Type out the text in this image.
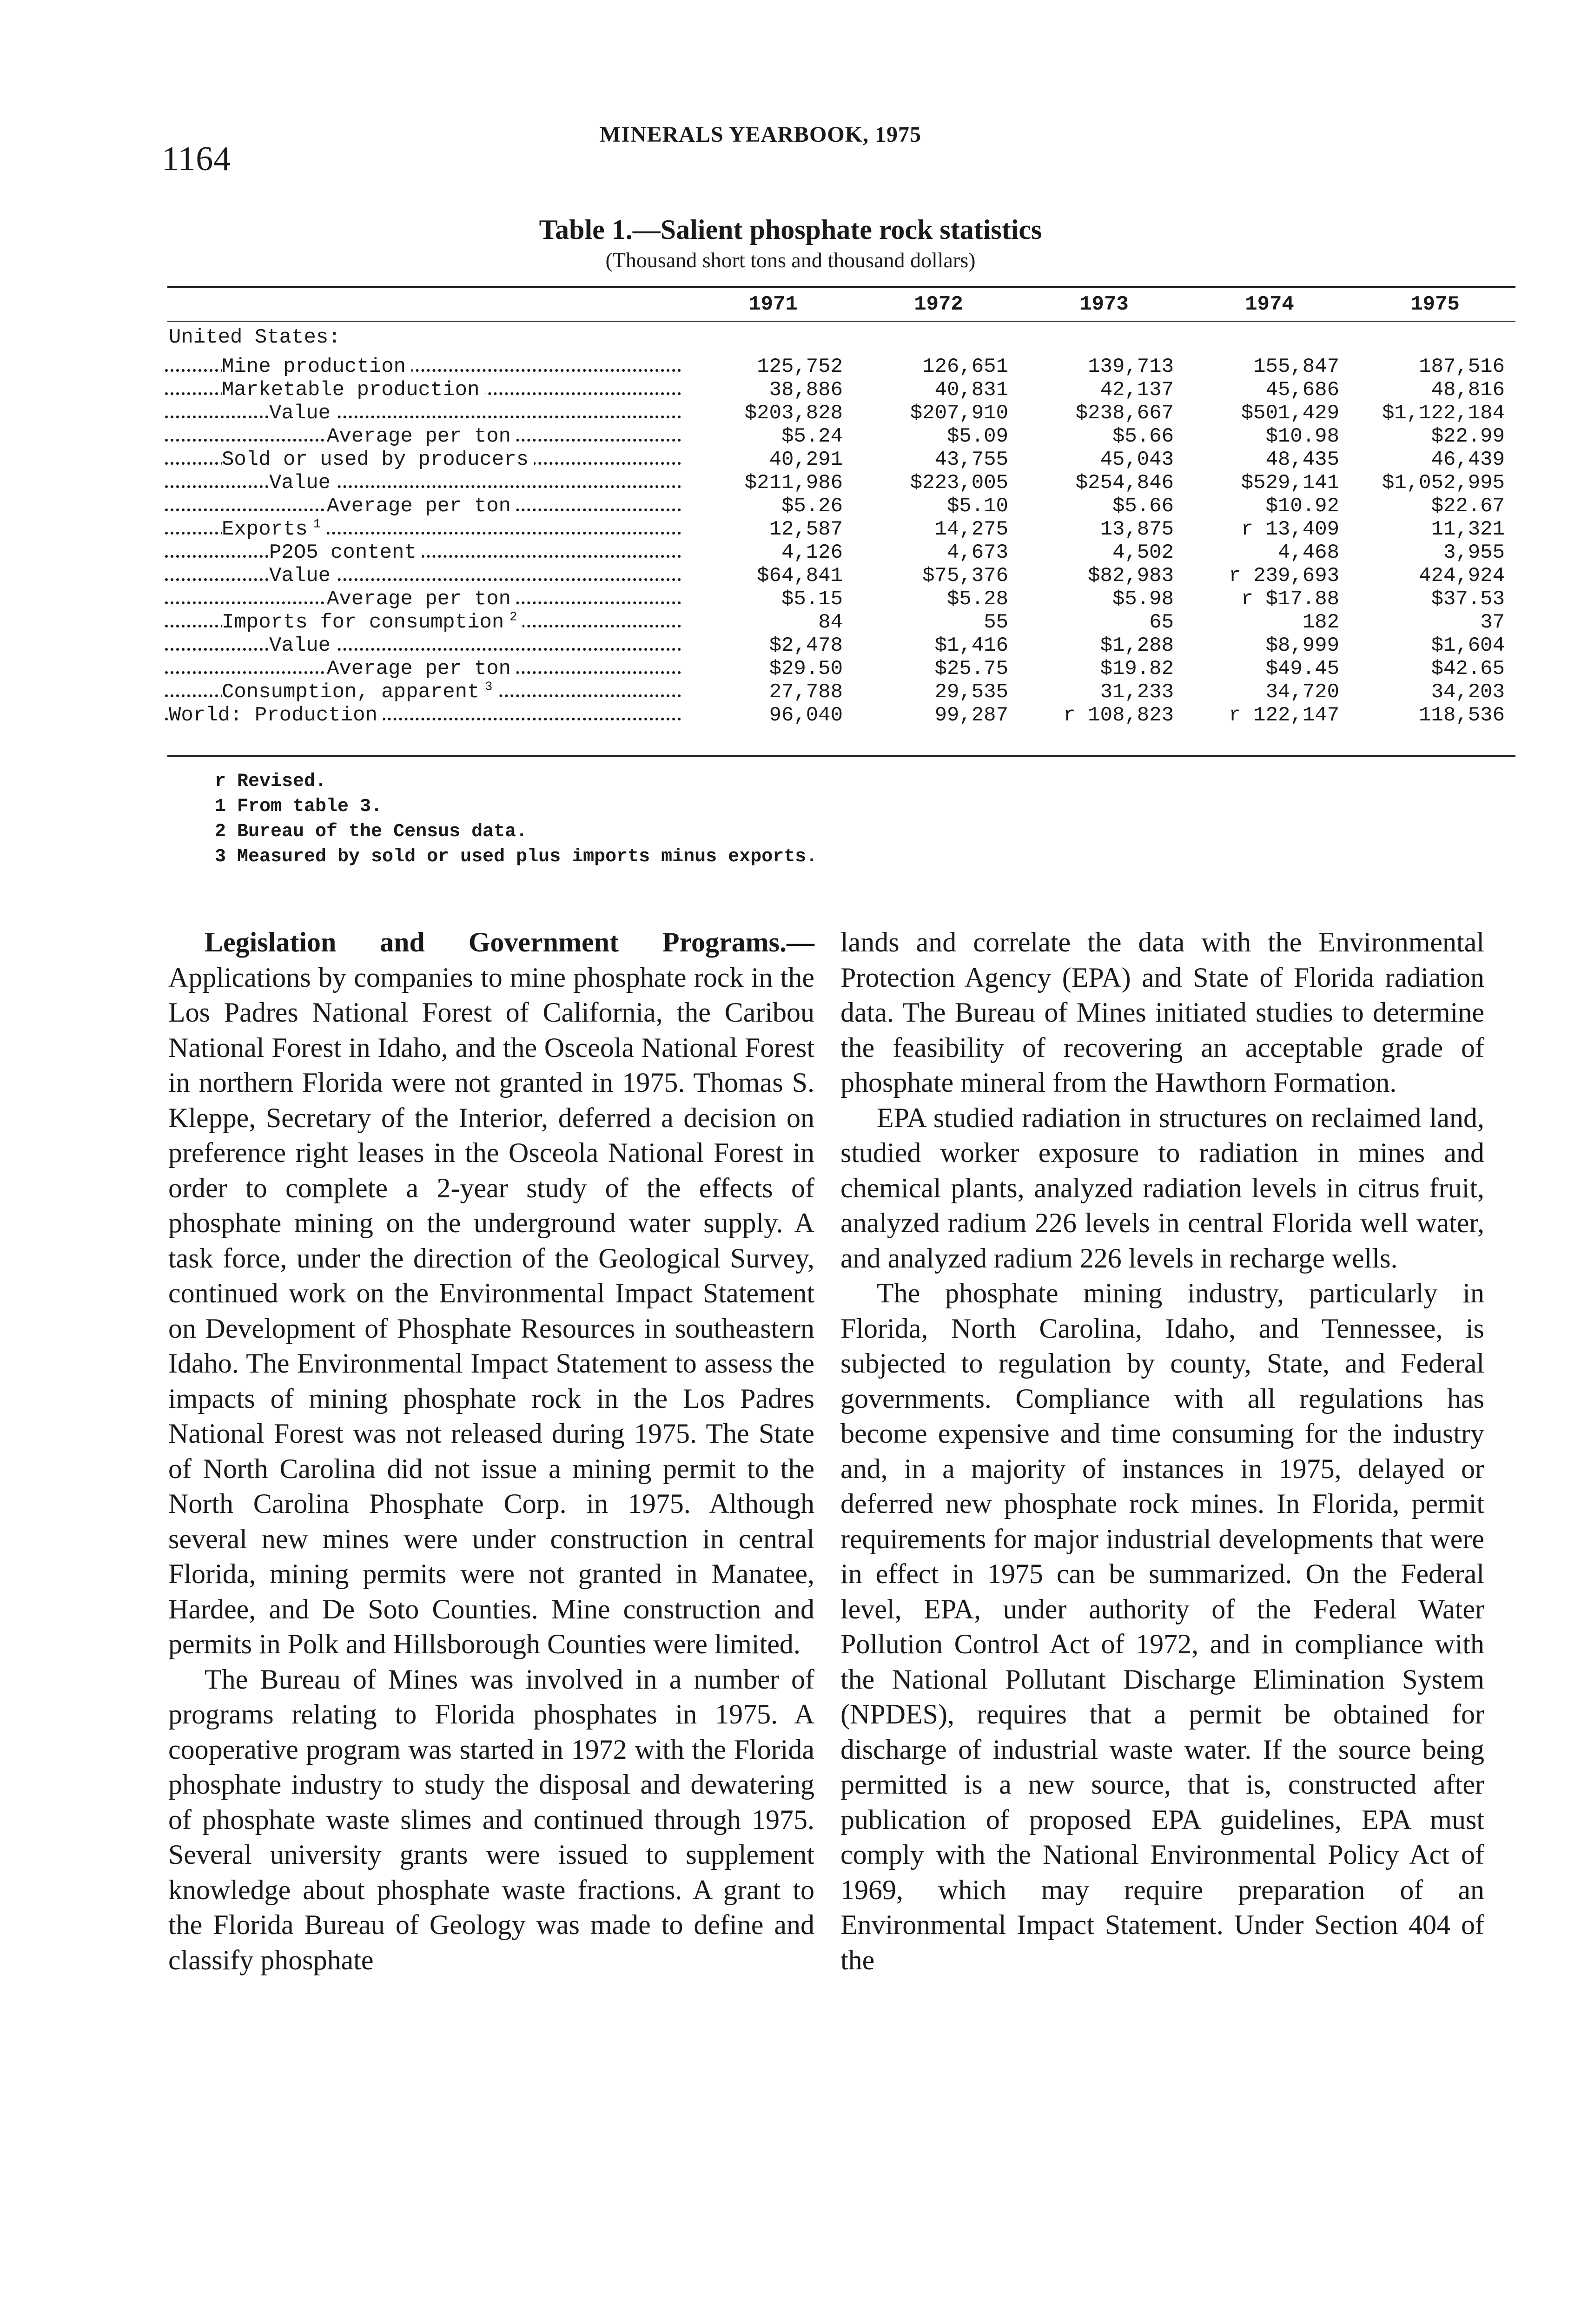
1164
MINERALS YEARBOOK, 1975
Table 1.—Salient phosphate rock statistics
(Thousand short tons and thousand dollars)
	1971	1972	1973	1974	1975
United States:					
Mine production	125,752	126,651	139,713	155,847	187,516
Marketable production	38,886	40,831	42,137	45,686	48,816
Value	$203,828	$207,910	$238,667	$501,429	$1,122,184
Average per ton	$5.24	$5.09	$5.66	$10.98	$22.99
Sold or used by producers	40,291	43,755	45,043	48,435	46,439
Value	$211,986	$223,005	$254,846	$529,141	$1,052,995
Average per ton	$5.26	$5.10	$5.66	$10.92	$22.67
Exports $^1$	12,587	14,275	13,875	r 13,409	11,321
P2O5 content	4,126	4,673	4,502	4,468	3,955
Value	$64,841	$75,376	$82,983	r 239,693	424,924
Average per ton	$5.15	$5.28	$5.98	r $17.88	$37.53
Imports for consumption $^2$	84	55	65	182	37
Value	$2,478	$1,416	$1,288	$8,999	$1,604
Average per ton	$29.50	$25.75	$19.82	$49.45	$42.65
Consumption, apparent $^3$	27,788	29,535	31,233	34,720	34,203
World: Production	96,040	99,287	r 108,823	r 122,147	118,536
r Revised.
1 From table 3.
2 Bureau of the Census data.
3 Measured by sold or used plus imports minus exports.

Legislation and Government Programs.— Applications by companies to mine phosphate rock in the Los Padres National Forest of California, the Caribou National Forest in Idaho, and the Osceola National Forest in northern Florida were not granted in 1975. Thomas S. Kleppe, Secretary of the Interior, deferred a decision on preference right leases in the Osceola National Forest in order to complete a 2-year study of the effects of phosphate mining on the underground water supply. A task force, under the direction of the Geological Survey, continued work on the Environmental Impact Statement on Development of Phosphate Resources in southeastern Idaho. The Environmental Impact Statement to assess the impacts of mining phosphate rock in the Los Padres National Forest was not released during 1975. The State of North Carolina did not issue a mining permit to the North Carolina Phosphate Corp. in 1975. Although several new mines were under construction in central Florida, mining permits were not granted in Manatee, Hardee, and De Soto Counties. Mine construction and permits in Polk and Hillsborough Counties were limited.

The Bureau of Mines was involved in a number of programs relating to Florida phosphates in 1975. A cooperative program was started in 1972 with the Florida phosphate industry to study the disposal and dewatering of phosphate waste slimes and continued through 1975. Several university grants were issued to supplement knowledge about phosphate waste fractions. A grant to the Florida Bureau of Geology was made to define and classify phosphate

lands and correlate the data with the Environmental Protection Agency (EPA) and State of Florida radiation data. The Bureau of Mines initiated studies to determine the feasibility of recovering an acceptable grade of phosphate mineral from the Hawthorn Formation.

EPA studied radiation in structures on reclaimed land, studied worker exposure to radiation in mines and chemical plants, analyzed radiation levels in citrus fruit, analyzed radium 226 levels in central Florida well water, and analyzed radium 226 levels in recharge wells.

The phosphate mining industry, particularly in Florida, North Carolina, Idaho, and Tennessee, is subjected to regulation by county, State, and Federal governments. Compliance with all regulations has become expensive and time consuming for the industry and, in a majority of instances in 1975, delayed or deferred new phosphate rock mines. In Florida, permit requirements for major industrial developments that were in effect in 1975 can be summarized. On the Federal level, EPA, under authority of the Federal Water Pollution Control Act of 1972, and in compliance with the National Pollutant Discharge Elimination System (NPDES), requires that a permit be obtained for discharge of industrial waste water. If the source being permitted is a new source, that is, constructed after publication of proposed EPA guidelines, EPA must comply with the National Environmental Policy Act of 1969, which may require preparation of an Environmental Impact Statement. Under Section 404 of the
